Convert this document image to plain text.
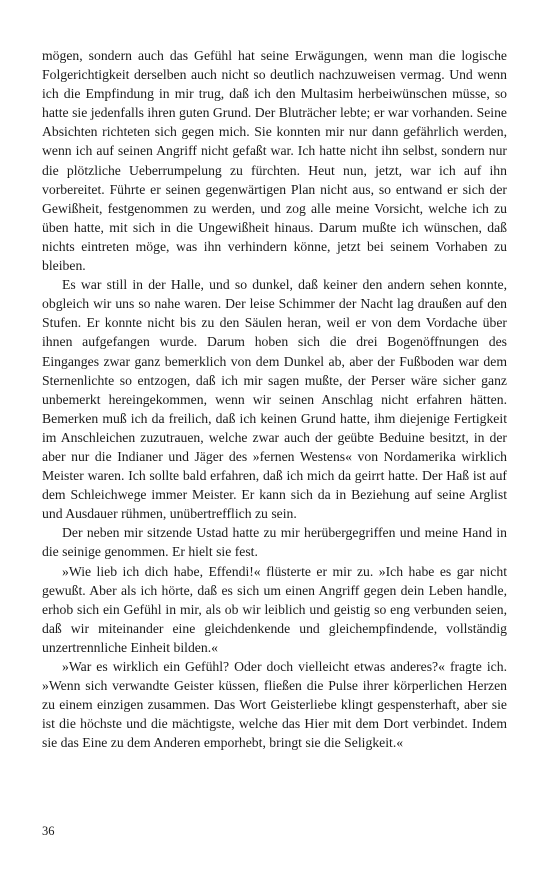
mögen, sondern auch das Gefühl hat seine Erwägungen, wenn man die logische Folgerichtigkeit derselben auch nicht so deutlich nachzuweisen vermag. Und wenn ich die Empfindung in mir trug, daß ich den Multasim herbeiwünschen müsse, so hatte sie jedenfalls ihren guten Grund. Der Bluträcher lebte; er war vorhanden. Seine Absichten richteten sich gegen mich. Sie konnten mir nur dann gefährlich werden, wenn ich auf seinen Angriff nicht gefaßt war. Ich hatte nicht ihn selbst, sondern nur die plötzliche Ueberrumpelung zu fürchten. Heut nun, jetzt, war ich auf ihn vorbereitet. Führte er seinen gegenwärtigen Plan nicht aus, so entwand er sich der Gewißheit, festgenommen zu werden, und zog alle meine Vorsicht, welche ich zu üben hatte, mit sich in die Ungewißheit hinaus. Darum mußte ich wünschen, daß nichts eintreten möge, was ihn verhindern könne, jetzt bei seinem Vorhaben zu bleiben.

Es war still in der Halle, und so dunkel, daß keiner den andern sehen konnte, obgleich wir uns so nahe waren. Der leise Schimmer der Nacht lag draußen auf den Stufen. Er konnte nicht bis zu den Säulen heran, weil er von dem Vordache über ihnen aufgefangen wurde. Darum hoben sich die drei Bogenöffnungen des Einganges zwar ganz bemerklich von dem Dunkel ab, aber der Fußboden war dem Sternenlichte so entzogen, daß ich mir sagen mußte, der Perser wäre sicher ganz unbemerkt hereingekommen, wenn wir seinen Anschlag nicht erfahren hätten. Bemerken muß ich da freilich, daß ich keinen Grund hatte, ihm diejenige Fertigkeit im Anschleichen zuzutrauen, welche zwar auch der geübte Beduine besitzt, in der aber nur die Indianer und Jäger des »fernen Westens« von Nordamerika wirklich Meister waren. Ich sollte bald erfahren, daß ich mich da geirrt hatte. Der Haß ist auf dem Schleichwege immer Meister. Er kann sich da in Beziehung auf seine Arglist und Ausdauer rühmen, unübertrefflich zu sein.

Der neben mir sitzende Ustad hatte zu mir herübergegriffen und meine Hand in die seinige genommen. Er hielt sie fest.

»Wie lieb ich dich habe, Effendi!« flüsterte er mir zu. »Ich habe es gar nicht gewußt. Aber als ich hörte, daß es sich um einen Angriff gegen dein Leben handle, erhob sich ein Gefühl in mir, als ob wir leiblich und geistig so eng verbunden seien, daß wir miteinander eine gleichdenkende und gleichempfindende, vollständig unzertrennliche Einheit bilden.«

»War es wirklich ein Gefühl? Oder doch vielleicht etwas anderes?« fragte ich. »Wenn sich verwandte Geister küssen, fließen die Pulse ihrer körperlichen Herzen zu einem einzigen zusammen. Das Wort Geisterliebe klingt gespensterhaft, aber sie ist die höchste und die mächtigste, welche das Hier mit dem Dort verbindet. Indem sie das Eine zu dem Anderen emporhebt, bringt sie die Seligkeit.«

36
